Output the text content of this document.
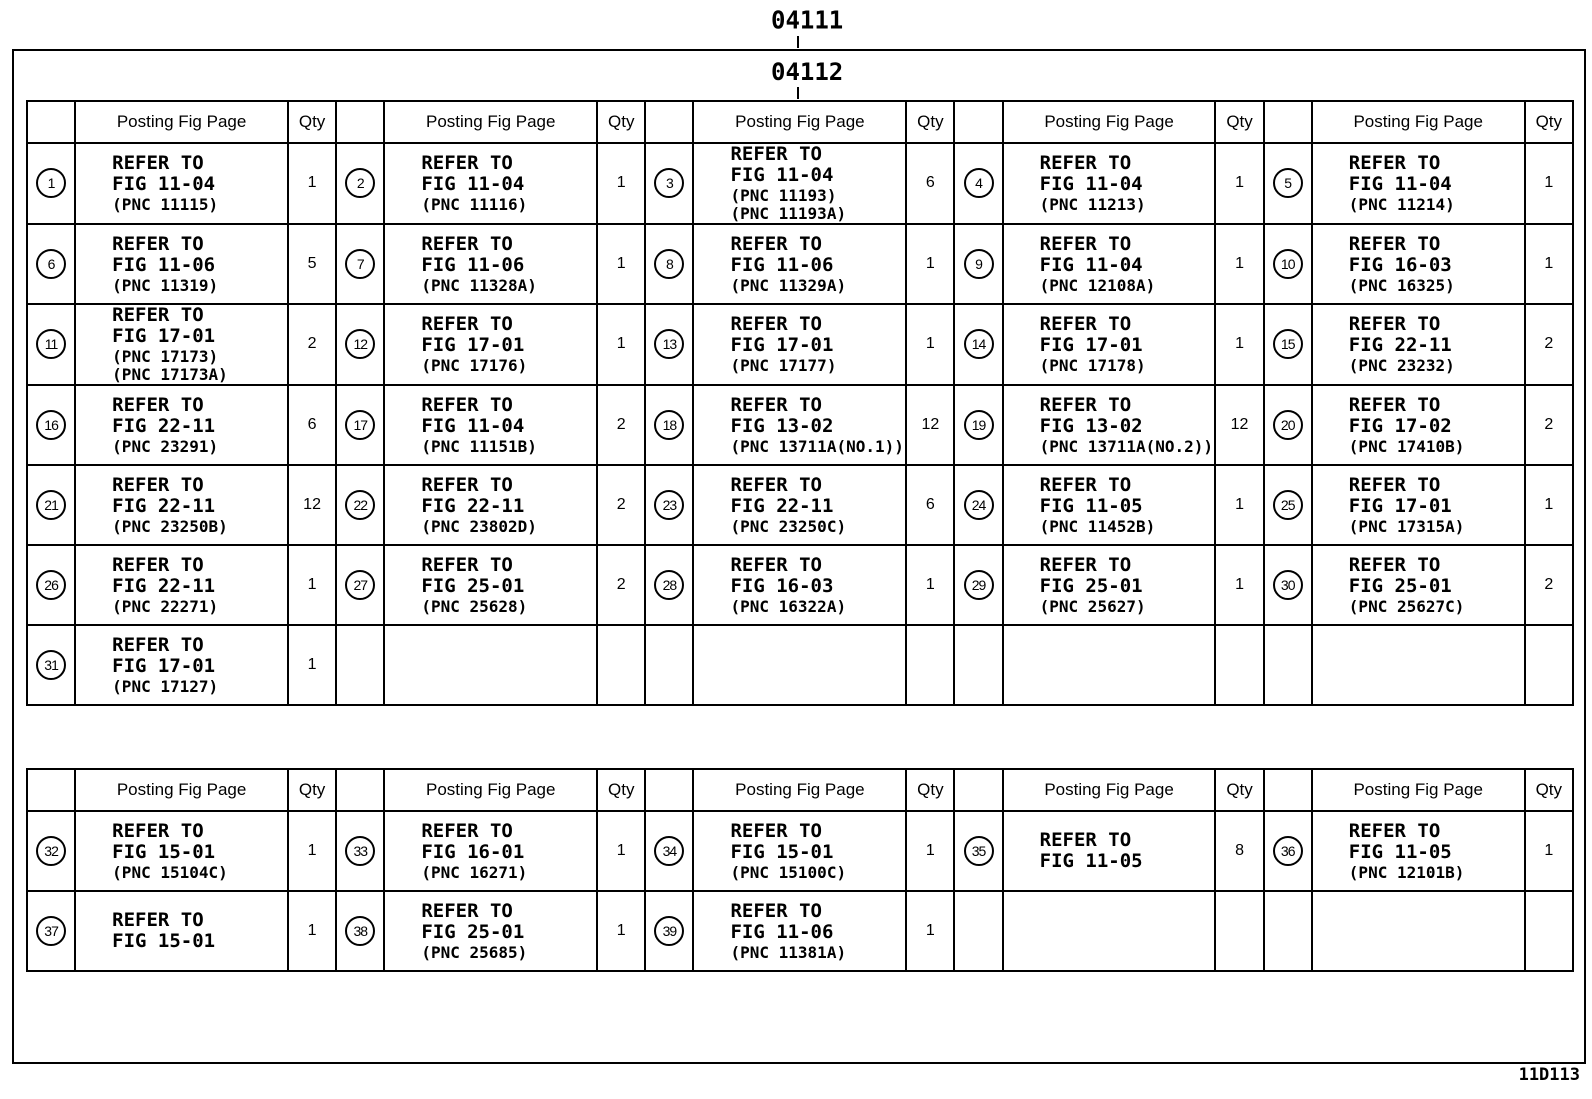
04111
04112
	Posting Fig Page	Qty		Posting Fig Page	Qty		Posting Fig Page	Qty		Posting Fig Page	Qty		Posting Fig Page	Qty
1	REFER TO
FIG 11-04
(PNC 11115)	1	2	REFER TO
FIG 11-04
(PNC 11116)	1	3	REFER TO
FIG 11-04
(PNC 11193)
(PNC 11193A)	6	4	REFER TO
FIG 11-04
(PNC 11213)	1	5	REFER TO
FIG 11-04
(PNC 11214)	1
6	REFER TO
FIG 11-06
(PNC 11319)	5	7	REFER TO
FIG 11-06
(PNC 11328A)	1	8	REFER TO
FIG 11-06
(PNC 11329A)	1	9	REFER TO
FIG 11-04
(PNC 12108A)	1	10	REFER TO
FIG 16-03
(PNC 16325)	1
11	REFER TO
FIG 17-01
(PNC 17173)
(PNC 17173A)	2	12	REFER TO
FIG 17-01
(PNC 17176)	1	13	REFER TO
FIG 17-01
(PNC 17177)	1	14	REFER TO
FIG 17-01
(PNC 17178)	1	15	REFER TO
FIG 22-11
(PNC 23232)	2
16	REFER TO
FIG 22-11
(PNC 23291)	6	17	REFER TO
FIG 11-04
(PNC 11151B)	2	18	REFER TO
FIG 13-02
(PNC 13711A(NO.1))	12	19	REFER TO
FIG 13-02
(PNC 13711A(NO.2))	12	20	REFER TO
FIG 17-02
(PNC 17410B)	2
21	REFER TO
FIG 22-11
(PNC 23250B)	12	22	REFER TO
FIG 22-11
(PNC 23802D)	2	23	REFER TO
FIG 22-11
(PNC 23250C)	6	24	REFER TO
FIG 11-05
(PNC 11452B)	1	25	REFER TO
FIG 17-01
(PNC 17315A)	1
26	REFER TO
FIG 22-11
(PNC 22271)	1	27	REFER TO
FIG 25-01
(PNC 25628)	2	28	REFER TO
FIG 16-03
(PNC 16322A)	1	29	REFER TO
FIG 25-01
(PNC 25627)	1	30	REFER TO
FIG 25-01
(PNC 25627C)	2
31	REFER TO
FIG 17-01
(PNC 17127)	1												
	Posting Fig Page	Qty		Posting Fig Page	Qty		Posting Fig Page	Qty		Posting Fig Page	Qty		Posting Fig Page	Qty
32	REFER TO
FIG 15-01
(PNC 15104C)	1	33	REFER TO
FIG 16-01
(PNC 16271)	1	34	REFER TO
FIG 15-01
(PNC 15100C)	1	35	REFER TO
FIG 11-05	8	36	REFER TO
FIG 11-05
(PNC 12101B)	1
37	REFER TO
FIG 15-01	1	38	REFER TO
FIG 25-01
(PNC 25685)	1	39	REFER TO
FIG 11-06
(PNC 11381A)	1						
11D113
